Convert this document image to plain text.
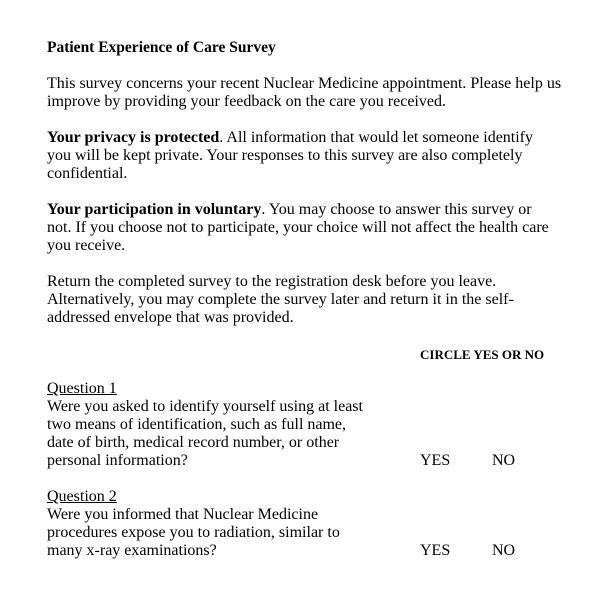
Patient Experience of Care Survey
This survey concerns your recent Nuclear Medicine appointment. Please help us
improve by providing your feedback on the care you received.
Your privacy is protected. All information that would let someone identify
you will be kept private. Your responses to this survey are also completely
confidential.
Your participation in voluntary. You may choose to answer this survey or
not. If you choose not to participate, your choice will not affect the health care
you receive.
Return the completed survey to the registration desk before you leave.
Alternatively, you may complete the survey later and return it in the self-
addressed envelope that was provided.
CIRCLE YES OR NO
Question 1
Were you asked to identify yourself using at least
two means of identification, such as full name,
date of birth, medical record number, or other
personal information?	YES	NO
Question 2
Were you informed that Nuclear Medicine
procedures expose you to radiation, similar to
many x-ray examinations?	YES	NO
